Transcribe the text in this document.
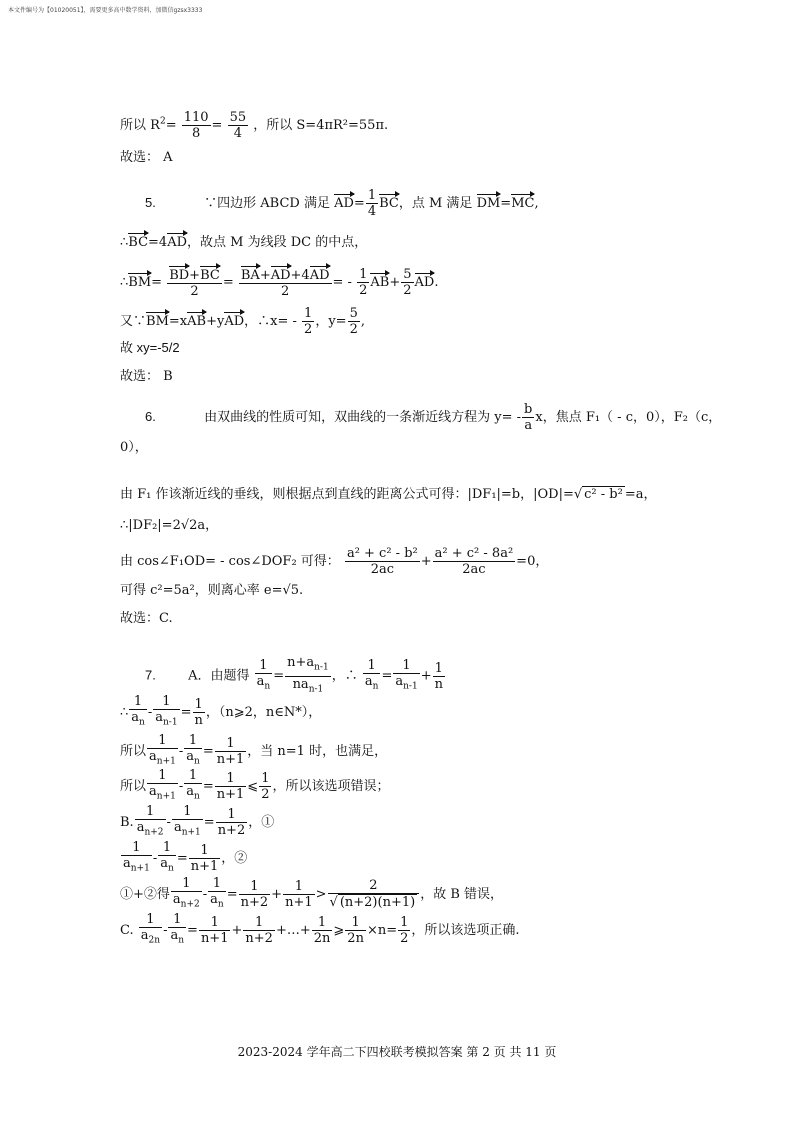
本文件编号为【01020051】，需要更多高中数学资料，加微信gzsx3333
所以 $R^2= \frac{110}{8} = \frac{55}{4}$ ，所以 S=4πR²=55π.
故选： A
5.	∵四边形 ABCD 满足 $AD= \frac{1}{4}$ BC，点 M 满足 DM=MC,
∴BC=4AD，故点 M 为线段 DC 的中点，
∴BM= $\frac{BD+BC}{2} = \frac{BA+AD+4AD}{2}$ = - $\frac{1}{2} AB+ \frac{5}{2}$ AD.
又∵BM=xAB+yAD，∴x= - $\frac{1}{2}$ ，$y= \frac{5}{2}$ ,
故 xy=-5/2
故选： B
6.	由双曲线的性质可知，双曲线的一条渐近线方程为 $y= - \frac{b}{a}$ x，焦点 F₁（ - c，0），F₂（c，
0），
由 F₁ 作该渐近线的垂线，则根据点到直线的距离公式可得：|DF₁|=b，|OD|=√ c² - b² =a，
∴|DF₂|=2√2a，
由 cos∠F₁OD= - cos∠DOF₂ 可得： $\frac{\text{a² + c² - b²}}{2ac} + \frac{\text{a² + c² - 8a²}}{2ac} =0$，
可得 c²=5a²，则离心率 e=√5.
故选：C.
7. A．由题得 $\frac{1}{a_n} = \frac{n+a_{n-1}}{na_{n-1}}$ ，∴ $\frac{1}{a_n} = \frac{1}{a_{n-1}} + \frac{1}{n}$
∴ $\frac{1}{a_n} - \frac{1}{a_{n-1}} = \frac{1}{n}$ ，（n⩾2，n∈N*），
所以 $\frac{1}{a_{n+1}} - \frac{1}{a_n} = \frac{1}{n+1}$ ，当 n=1 时，也满足，
所以 $\frac{1}{a_{n+1}} - \frac{1}{a_n} = \frac{1}{n+1}$ ⩽ $\frac{1}{2}$ ，所以该选项错误；
B. $\frac{1}{a_{n+2}} - \frac{1}{a_{n+1}} = \frac{1}{n+2}$ ，①
$\frac{1}{a_{n+1}} - \frac{1}{a_n} = \frac{1}{n+1}$ ，②
①+②得 $\frac{1}{a_{n+2}} - \frac{1}{a_n} = \frac{1}{n+2} + \frac{1}{n+1} > \frac{2}{√ (n+2)(n+1)}$ ，故 B 错误，
C. $\frac{1}{a_{2n}} - \frac{1}{a_n} = \frac{1}{n+1} + \frac{1}{n+2}$ +…+ $\frac{1}{2n}$ ⩾ $\frac{1}{2n} \times n= \frac{1}{2}$ ，所以该选项正确.
2023-2024 学年高二下四校联考模拟答案 第 2 页 共 11 页
